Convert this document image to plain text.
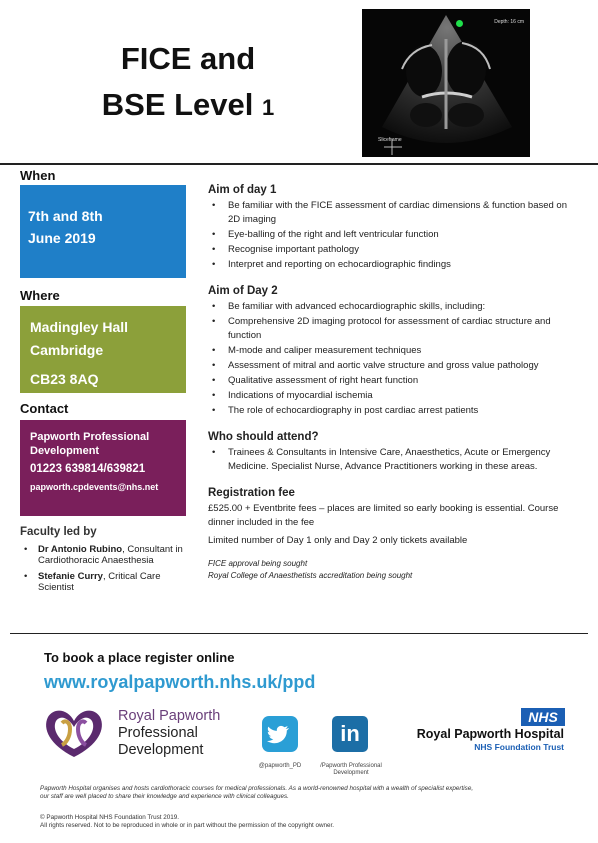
FICE and
BSE Level 1
Depth: 16 cm
Sliceframe
When
7th and 8th
June 2019
Where
Madingley Hall
Cambridge
CB23 8AQ
Contact
Papworth Professional Development
01223 639814/639821
papworth.cpdevents@nhs.net
Faculty led by
• Dr Antonio Rubino, Consultant in Cardiothoracic Anaesthesia
• Stefanie Curry, Critical Care Scientist
Aim of day 1
• Be familiar with the FICE assessment of cardiac dimensions & function based on 2D imaging
• Eye-balling of the right and left ventricular function
• Recognise important pathology
• Interpret and reporting on echocardiographic findings
Aim of Day 2
• Be familiar with advanced echocardiographic skills, including:
• Comprehensive 2D imaging protocol for assessment of cardiac structure and function
• M-mode and caliper measurement techniques
• Assessment of mitral and aortic valve structure and gross value pathology
• Qualitative assessment of right heart function
• Indications of myocardial ischemia
• The role of echocardiography in post cardiac arrest patients
Who should attend?
• Trainees & Consultants in Intensive Care, Anaesthetics, Acute or Emergency Medicine. Specialist Nurse, Advance Practitioners working in these areas.
Registration fee

£525.00 + Eventbrite fees – places are limited so early booking is essential. Course dinner included in the fee

Limited number of Day 1 only and Day 2 only tickets available

FICE approval being sought
Royal College of Anaesthetists accreditation being sought
To book a place register online
www.royalpapworth.nhs.uk/ppd
Royal Papworth
Professional
Development
@papworth_PD
in
/Papworth Professional Development
NHS
Royal Papworth Hospital
NHS Foundation Trust
Papworth Hospital organises and hosts cardiothoracic courses for medical professionals. As a world-renowned hospital with a wealth of specialist expertise, our staff are well placed to share their knowledge and experience with clinical colleagues.
© Papworth Hospital NHS Foundation Trust 2019.
All rights reserved. Not to be reproduced in whole or in part without the permission of the copyright owner.
